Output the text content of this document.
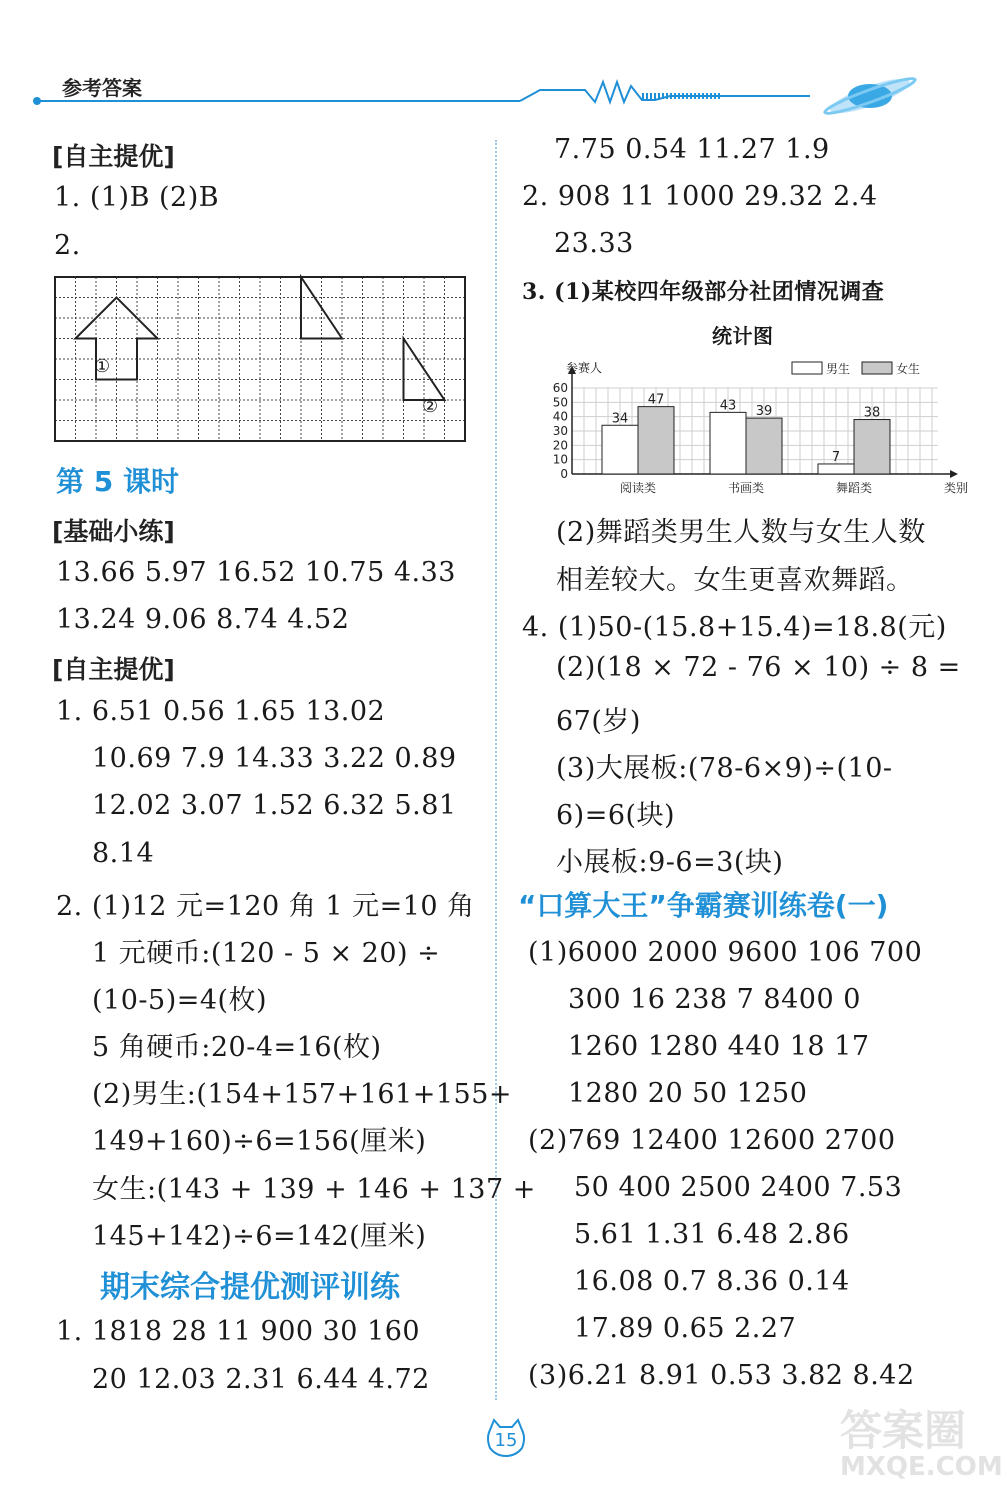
参考答案
[自主提优]
1. (1)B (2)B
2.
①
②
第 5 课时
[基础小练]
13.66 5.97 16.52 10.75 4.33
13.24 9.06 8.74 4.52
[自主提优]
1. 6.51 0.56 1.65 13.02
10.69 7.9 14.33 3.22 0.89
12.02 3.07 1.52 6.32 5.81
8.14
2. (1)12 元=120 角 1 元=10 角
1 元硬币:(120 - 5 × 20) ÷
(10-5)=4(枚)
5 角硬币:20-4=16(枚)
(2)男生:(154+157+161+155+
149+160)÷6=156(厘米)
女生:(143 + 139 + 146 + 137 +
145+142)÷6=142(厘米)
期末综合提优测评训练
1. 1818 28 11 900 30 160
20 12.03 2.31 6.44 4.72
7.75 0.54 11.27 1.9
2. 908 11 1000 29.32 2.4
23.33
3. (1)某校四年级部分社团情况调查
统计图
0
10
20
30
40
50
60
参赛人
类别
男生	女生
34
47
阅读类
43 39
书画类
7
38
舞蹈类
(2)舞蹈类男生人数与女生人数
相差较大。女生更喜欢舞蹈。
4. (1)50-(15.8+15.4)=18.8(元)
(2)(18 × 72 - 76 × 10) ÷ 8 =
67(岁)
(3)大展板:(78-6×9)÷(10-
6)=6(块)
小展板:9-6=3(块)
“口算大王”争霸赛训练卷(一)
(1)6000 2000 9600 106 700
300 16 238 7 8400 0
1260 1280 440 18 17
1280 20 50 1250
(2)769 12400 12600 2700
50 400 2500 2400 7.53
5.61 1.31 6.48 2.86
16.08 0.7 8.36 0.14
17.89 0.65 2.27
(3)6.21 8.91 0.53 3.82 8.42
15	答案圈
MXQE.COM
